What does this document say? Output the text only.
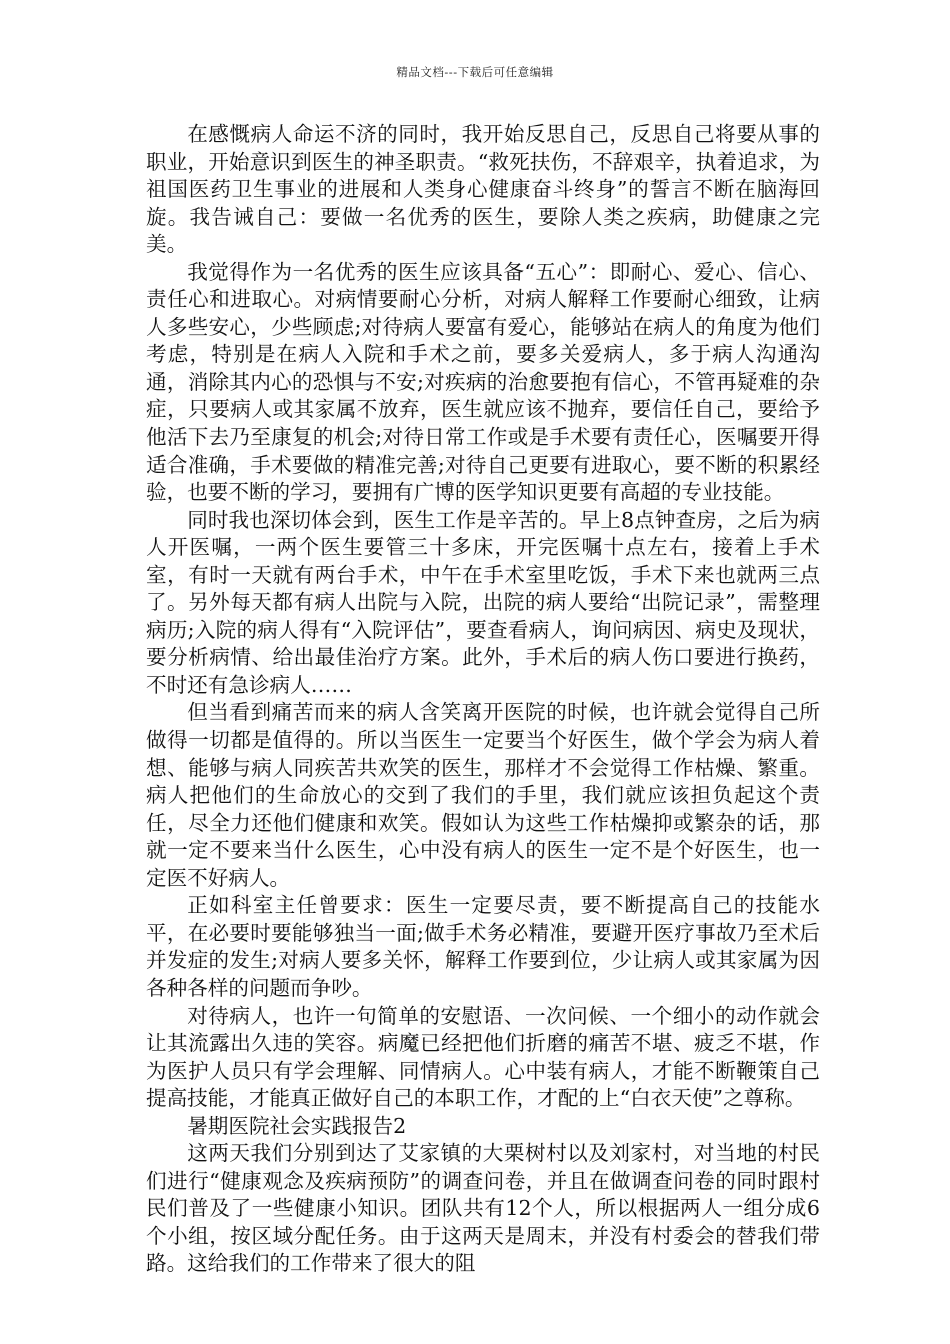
精品文档---下载后可任意编辑

在感慨病人命运不济的同时，我开始反思自己，反思自己将要从事的职业，开始意识到医生的神圣职责。“救死扶伤，不辞艰辛，执着追求，为祖国医药卫生事业的进展和人类身心健康奋斗终身”的誓言不断在脑海回旋。我告诫自己：要做一名优秀的医生，要除人类之疾病，助健康之完美。

我觉得作为一名优秀的医生应该具备“五心”：即耐心、爱心、信心、责任心和进取心。对病情要耐心分析，对病人解释工作要耐心细致，让病人多些安心，少些顾虑;对待病人要富有爱心，能够站在病人的角度为他们考虑，特别是在病人入院和手术之前，要多关爱病人，多于病人沟通沟通，消除其内心的恐惧与不安;对疾病的治愈要抱有信心，不管再疑难的杂症，只要病人或其家属不放弃，医生就应该不抛弃，要信任自己，要给予他活下去乃至康复的机会;对待日常工作或是手术要有责任心，医嘱要开得适合准确，手术要做的精准完善;对待自己更要有进取心，要不断的积累经验，也要不断的学习，要拥有广博的医学知识更要有高超的专业技能。

同时我也深切体会到，医生工作是辛苦的。早上8点钟查房，之后为病人开医嘱，一两个医生要管三十多床，开完医嘱十点左右，接着上手术室，有时一天就有两台手术，中午在手术室里吃饭，手术下来也就两三点了。另外每天都有病人出院与入院，出院的病人要给“出院记录”，需整理病历;入院的病人得有“入院评估”，要查看病人，询问病因、病史及现状，要分析病情、给出最佳治疗方案。此外，手术后的病人伤口要进行换药，不时还有急诊病人……

但当看到痛苦而来的病人含笑离开医院的时候，也许就会觉得自己所做得一切都是值得的。所以当医生一定要当个好医生，做个学会为病人着想、能够与病人同疾苦共欢笑的医生，那样才不会觉得工作枯燥、繁重。病人把他们的生命放心的交到了我们的手里，我们就应该担负起这个责任，尽全力还他们健康和欢笑。假如认为这些工作枯燥抑或繁杂的话，那就一定不要来当什么医生，心中没有病人的医生一定不是个好医生，也一定医不好病人。

正如科室主任曾要求：医生一定要尽责，要不断提高自己的技能水平，在必要时要能够独当一面;做手术务必精准，要避开医疗事故乃至术后并发症的发生;对病人要多关怀，解释工作要到位，少让病人或其家属为因各种各样的问题而争吵。

对待病人，也许一句简单的安慰语、一次问候、一个细小的动作就会让其流露出久违的笑容。病魔已经把他们折磨的痛苦不堪、疲乏不堪，作为医护人员只有学会理解、同情病人。心中装有病人，才能不断鞭策自己提高技能，才能真正做好自己的本职工作，才配的上“白衣天使”之尊称。

暑期医院社会实践报告2

这两天我们分别到达了艾家镇的大栗树村以及刘家村，对当地的村民们进行“健康观念及疾病预防”的调查问卷，并且在做调查问卷的同时跟村民们普及了一些健康小知识。团队共有12个人，所以根据两人一组分成6个小组，按区域分配任务。由于这两天是周末，并没有村委会的替我们带路。这给我们的工作带来了很大的阻
